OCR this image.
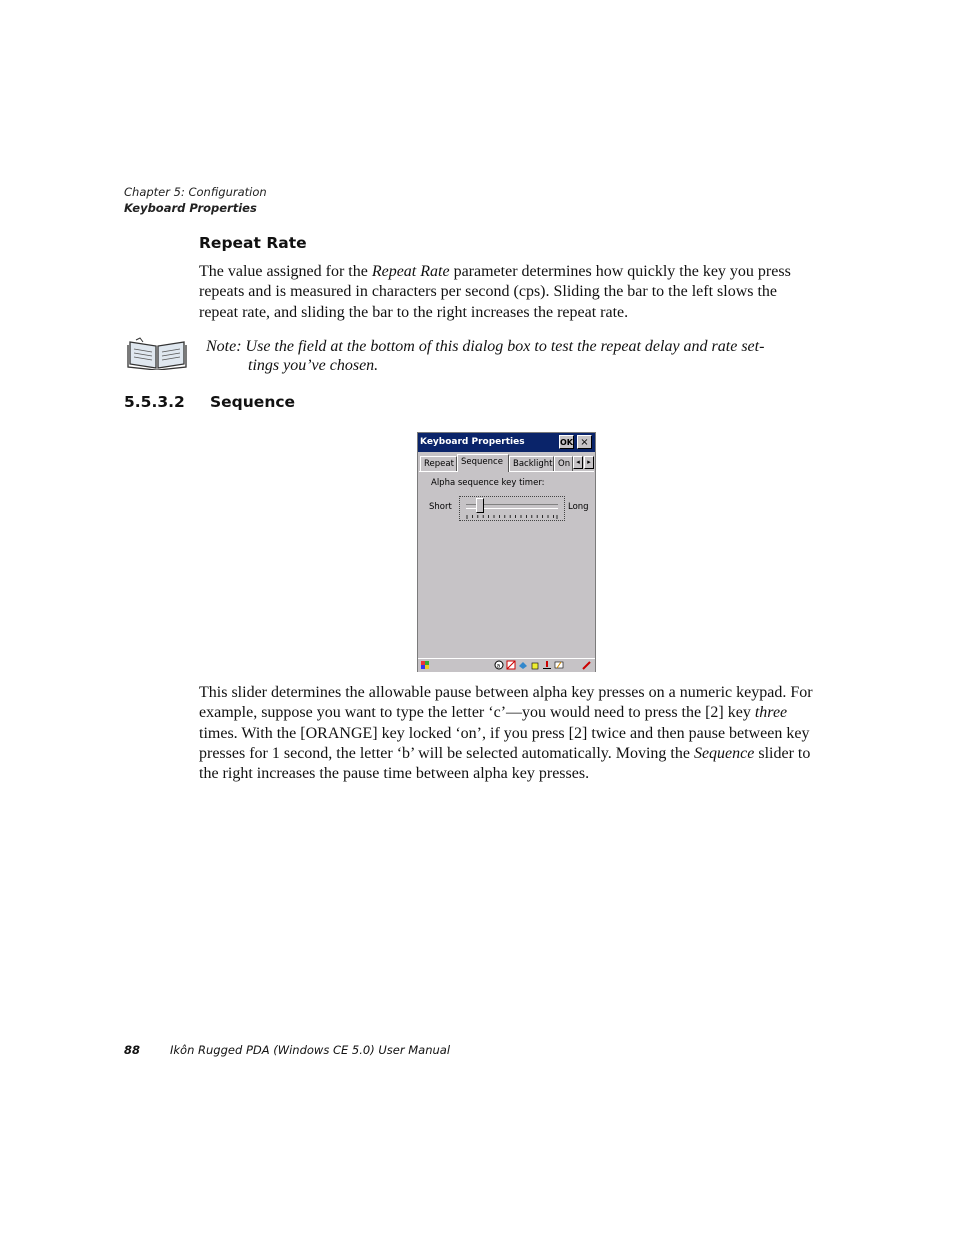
Chapter 5: Configuration
Keyboard Properties
Repeat Rate
The value assigned for the Repeat Rate parameter determines how quickly the key you press repeats and is measured in characters per second (cps). Sliding the bar to the left slows the repeat rate, and sliding the bar to the right increases the repeat rate.
Note: Use the field at the bottom of this dialog box to test the repeat delay and rate set-
tings you’ve chosen.
5.5.3.2 Sequence
Keyboard Properties	OK ×
Repeat Sequence	Backlight On ◂	▸
Alpha sequence key timer:
Short	Long
a
This slider determines the allowable pause between alpha key presses on a numeric keypad. For example, suppose you want to type the letter ‘c’—you would need to press the [2] key three times. With the [ORANGE] key locked ‘on’, if you press [2] twice and then pause between key presses for 1 second, the letter ‘b’ will be selected automatically. Moving the Sequence slider to the right increases the pause time between alpha key presses.
88	Ikôn Rugged PDA (Windows CE 5.0) User Manual
